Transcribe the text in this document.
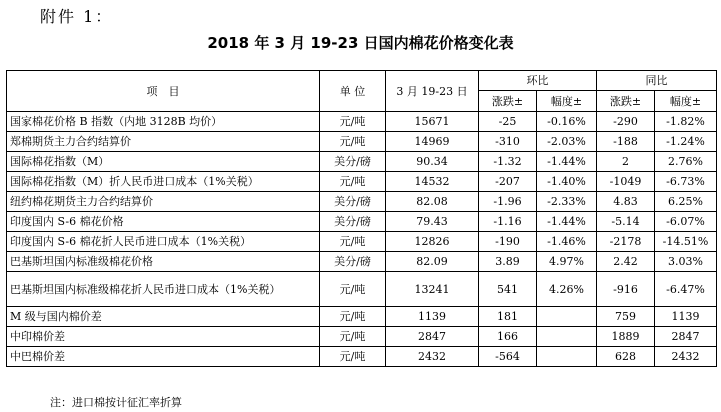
附件 1：
2018 年 3 月 19-23 日国内棉花价格变化表
项　目	单 位	3 月 19-23 日	环比		同比	
			涨跌±	幅度±	涨跌±	幅度±
国家棉花价格 B 指数（内地 3128B 均价）	元/吨	15671	-25	-0.16%	-290	-1.82%
郑棉期货主力合约结算价	元/吨	14969	-310	-2.03%	-188	-1.24%
国际棉花指数（M）	美分/磅	90.34	-1.32	-1.44%	2	2.76%
国际棉花指数（M）折人民币进口成本（1%关税）	元/吨	14532	-207	-1.40%	-1049	-6.73%
纽约棉花期货主力合约结算价	美分/磅	82.08	-1.96	-2.33%	4.83	6.25%
印度国内 S-6 棉花价格	美分/磅	79.43	-1.16	-1.44%	-5.14	-6.07%
印度国内 S-6 棉花折人民币进口成本（1%关税）	元/吨	12826	-190	-1.46%	-2178	-14.51%
巴基斯坦国内标准级棉花价格	美分/磅	82.09	3.89	4.97%	2.42	3.03%
巴基斯坦国内标准级棉花折人民币进口成本（1%关税）	元/吨	13241	541	4.26%	-916	-6.47%
M 级与国内棉价差	元/吨	1139	181		759	1139
中印棉价差	元/吨	2847	166		1889	2847
中巴棉价差	元/吨	2432	-564		628	2432
注：进口棉按计征汇率折算
